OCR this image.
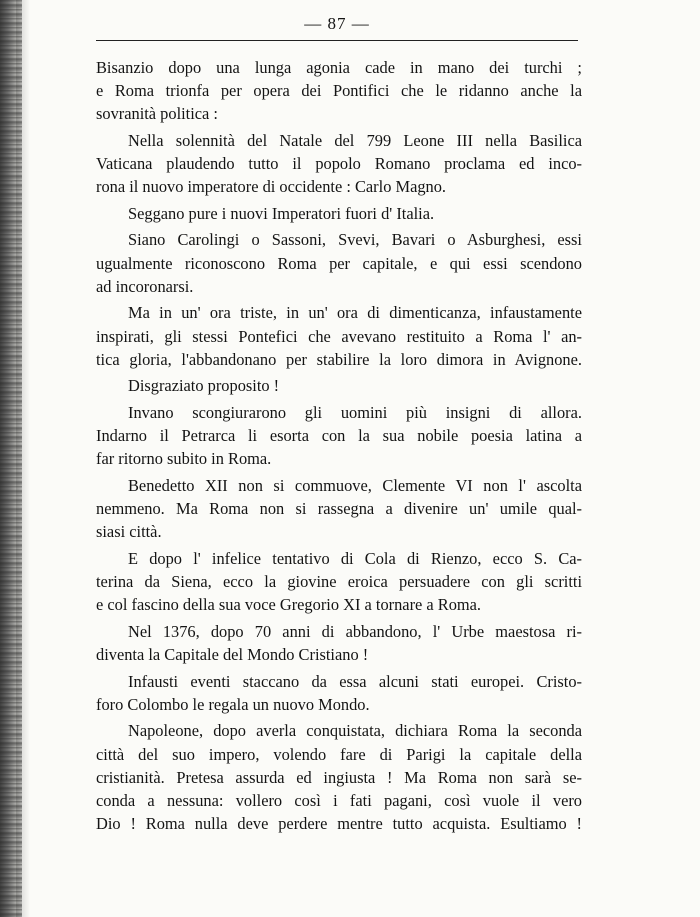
— 87 —
Bisanzio dopo una lunga agonia cade in mano dei turchi ;
e Roma trionfa per opera dei Pontifici che le ridanno anche la
sovranità politica :
Nella solennità del Natale del 799 Leone III nella Basilica
Vaticana plaudendo tutto il popolo Romano proclama ed inco-
rona il nuovo imperatore di occidente : Carlo Magno.
Seggano pure i nuovi Imperatori fuori d' Italia.
Siano Carolingi o Sassoni, Svevi, Bavari o Asburghesi, essi
ugualmente riconoscono Roma per capitale, e qui essi scendono
ad incoronarsi.
Ma in un' ora triste, in un' ora di dimenticanza, infaustamente
inspirati, gli stessi Pontefici che avevano restituito a Roma l' an-
tica gloria, l'abbandonano per stabilire la loro dimora in Avignone.
Disgraziato proposito !
Invano scongiurarono gli uomini più insigni di allora.
Indarno il Petrarca li esorta con la sua nobile poesia latina a
far ritorno subito in Roma.
Benedetto XII non si commuove, Clemente VI non l' ascolta
nemmeno. Ma Roma non si rassegna a divenire un' umile qual-
siasi città.
E dopo l' infelice tentativo di Cola di Rienzo, ecco S. Ca-
terina da Siena, ecco la giovine eroica persuadere con gli scritti
e col fascino della sua voce Gregorio XI a tornare a Roma.
Nel 1376, dopo 70 anni di abbandono, l' Urbe maestosa ri-
diventa la Capitale del Mondo Cristiano !
Infausti eventi staccano da essa alcuni stati europei. Cristo-
foro Colombo le regala un nuovo Mondo.
Napoleone, dopo averla conquistata, dichiara Roma la seconda
città del suo impero, volendo fare di Parigi la capitale della
cristianità. Pretesa assurda ed ingiusta ! Ma Roma non sarà se-
conda a nessuna: vollero così i fati pagani, così vuole il vero
Dio ! Roma nulla deve perdere mentre tutto acquista. Esultiamo !
